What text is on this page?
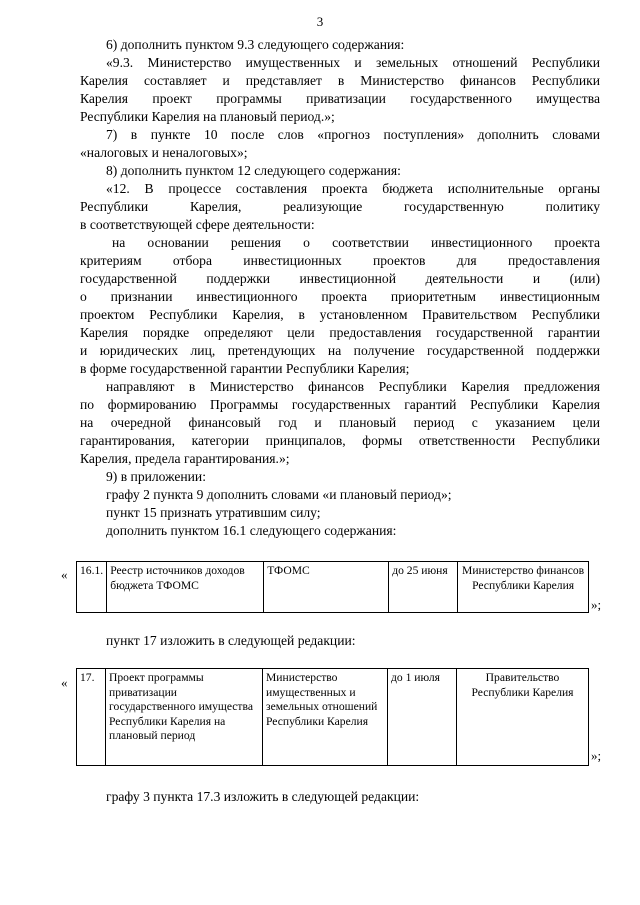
3
6) дополнить пунктом 9.3 следующего содержания:
«9.3. Министерство имущественных и земельных отношений Республики
Карелия составляет и представляет в Министерство финансов Республики
Карелия проект программы приватизации государственного имущества
Республики Карелия на плановый период.»;
7) в пункте 10 после слов «прогноз поступления» дополнить словами
«налоговых и неналоговых»;
8) дополнить пунктом 12 следующего содержания:
«12. В процессе составления проекта бюджета исполнительные органы
Республики Карелия, реализующие государственную политику
в соответствующей сфере деятельности:
на основании решения о соответствии инвестиционного проекта
критериям отбора инвестиционных проектов для предоставления
государственной поддержки инвестиционной деятельности и (или)
о признании инвестиционного проекта приоритетным инвестиционным
проектом Республики Карелия, в установленном Правительством Республики
Карелия порядке определяют цели предоставления государственной гарантии
и юридических лиц, претендующих на получение государственной поддержки
в форме государственной гарантии Республики Карелия;
направляют в Министерство финансов Республики Карелия предложения
по формированию Программы государственных гарантий Республики Карелия
на очередной финансовый год и плановый период с указанием цели
гарантирования, категории принципалов, формы ответственности Республики
Карелия, предела гарантирования.»;
9) в приложении:
графу 2 пункта 9 дополнить словами «и плановый период»;
пункт 15 признать утратившим силу;
дополнить пунктом 16.1 следующего содержания:
« 16.1.	Реестр источников доходов бюджета ТФОМС	ТФОМС	до 25 июня	Министерство финансов Республики Карелия
»;
пункт 17 изложить в следующей редакции:
« 17.	Проект программы приватизации государственного имущества Республики Карелия на плановый период	Министерство имущественных и земельных отношений Республики Карелия	до 1 июля	Правительство Республики Карелия
»;
графу 3 пункта 17.3 изложить в следующей редакции:
